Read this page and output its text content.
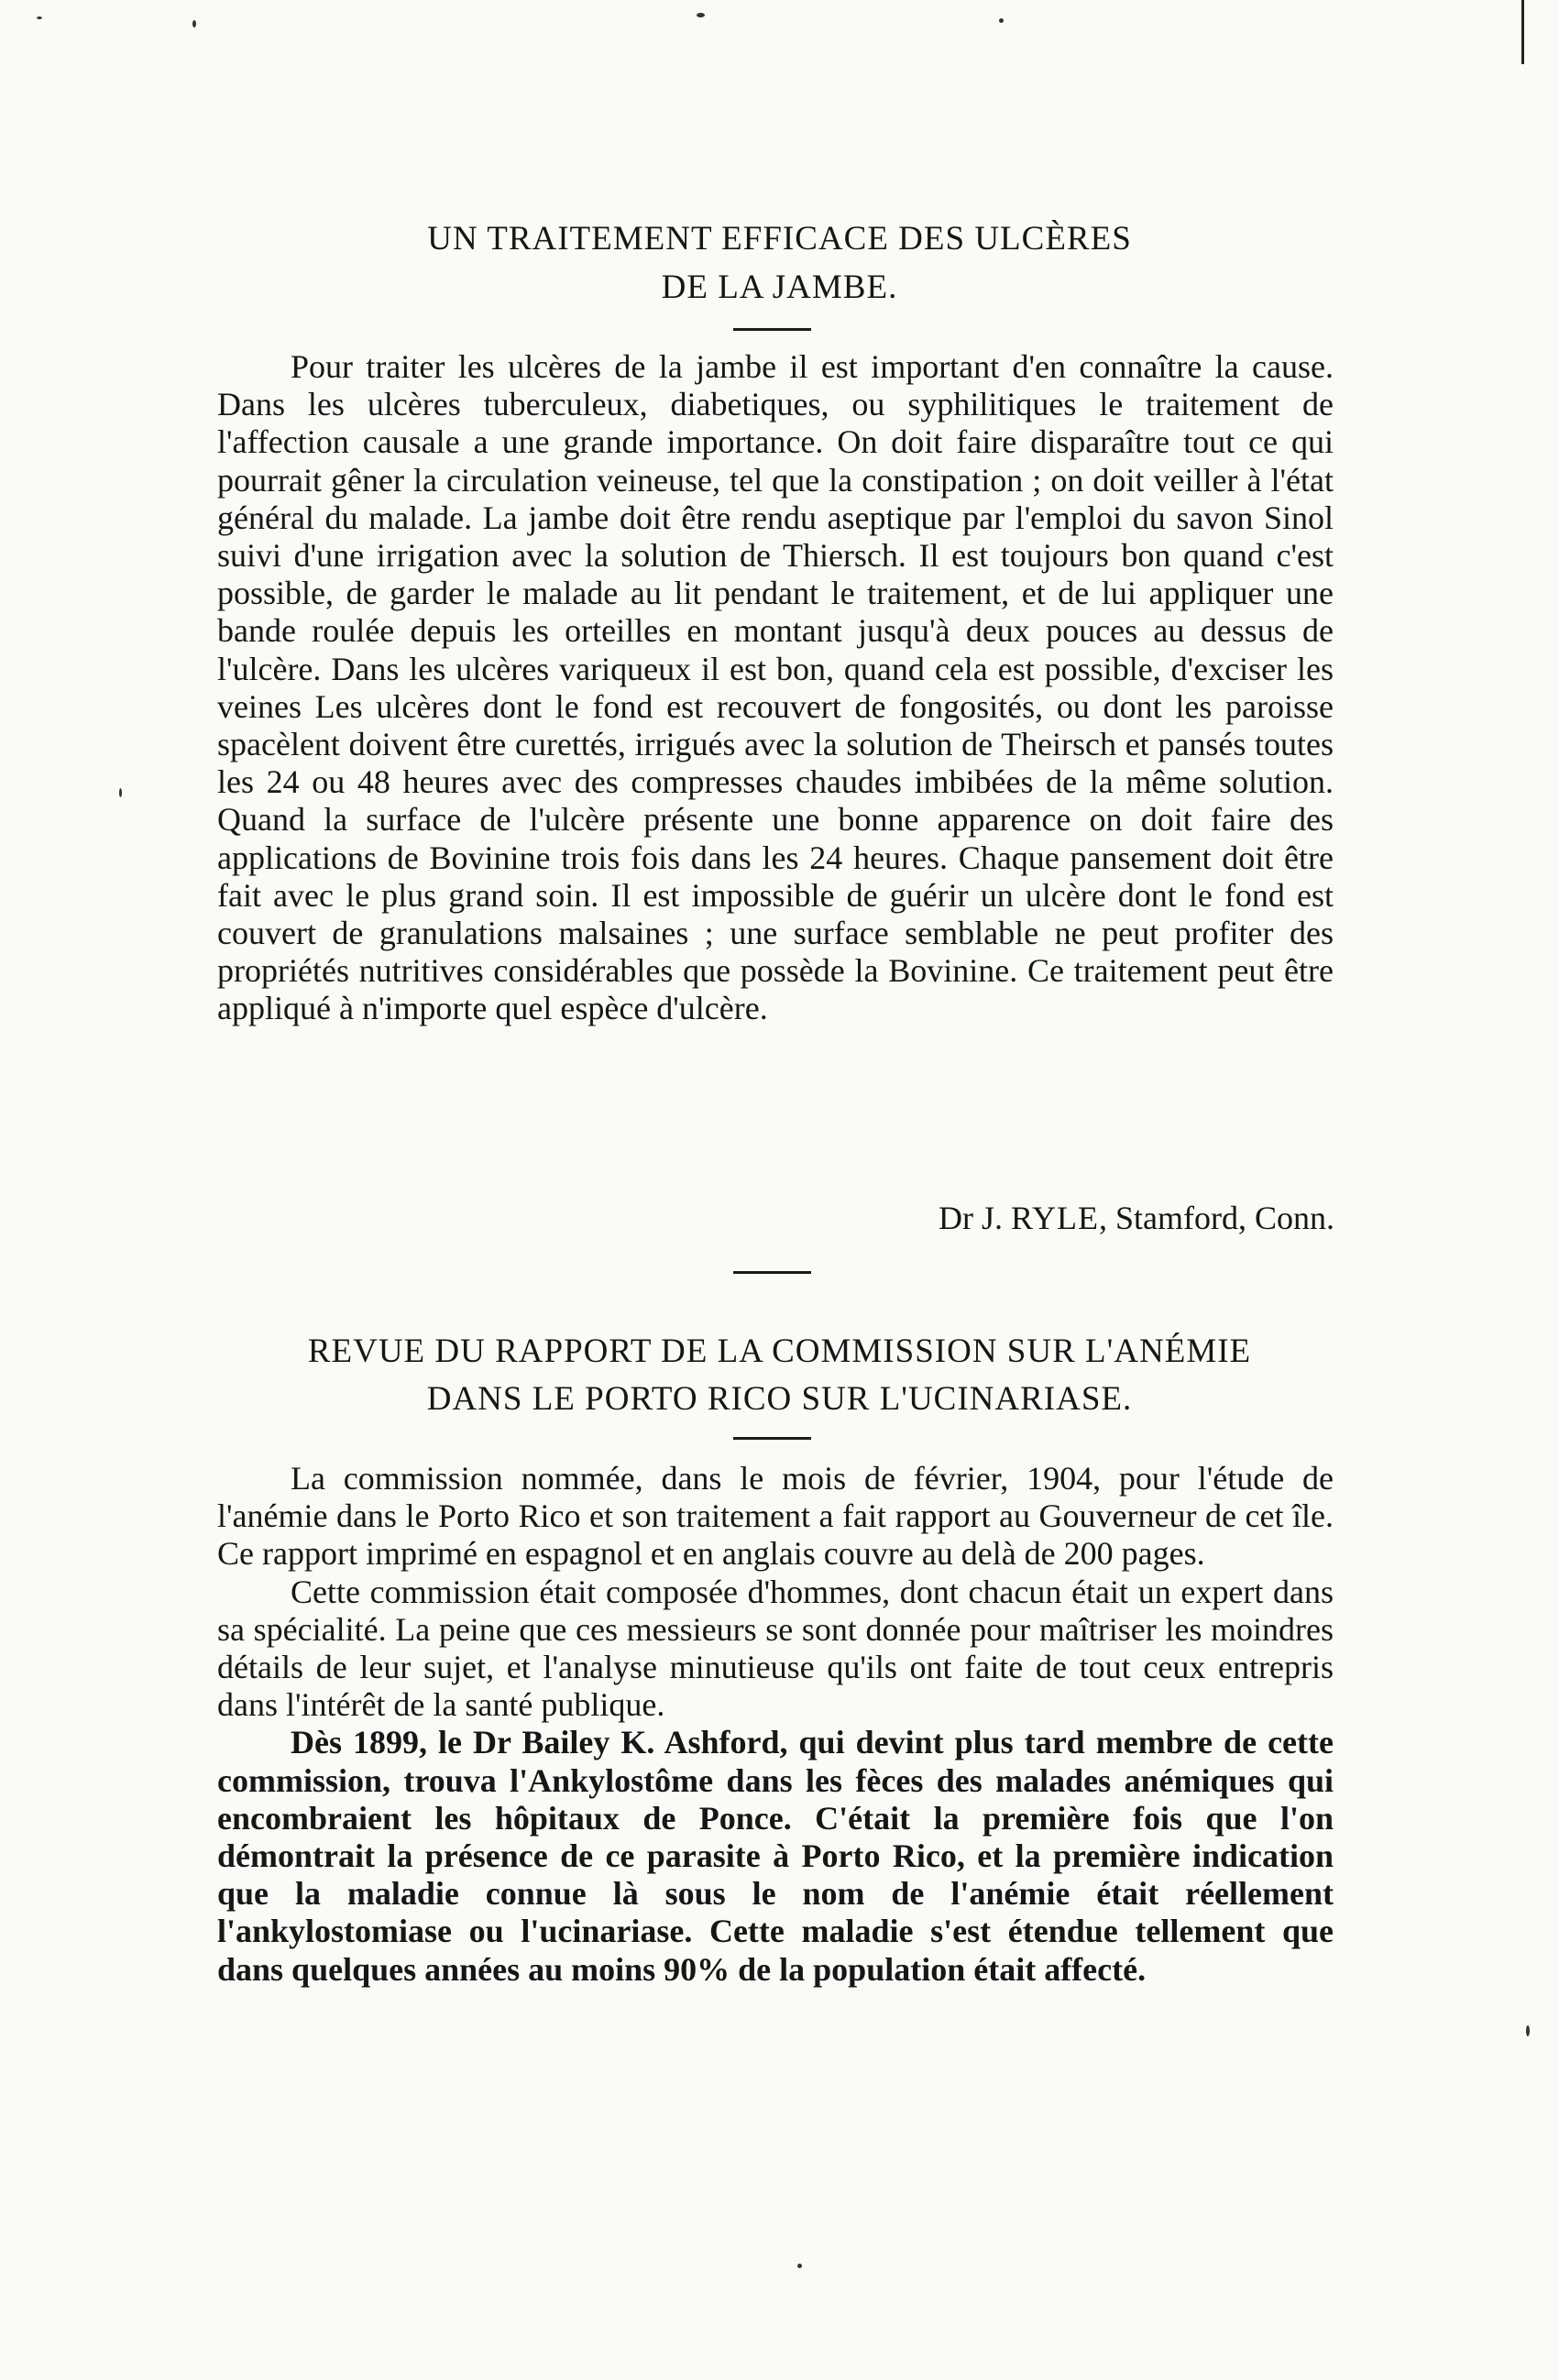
UN TRAITEMENT EFFICACE DES ULCÈRES
DE LA JAMBE.

Pour traiter les ulcères de la jambe il est important d'en connaître la cause. Dans les ulcères tuberculeux, diabetiques, ou syphilitiques le traitement de l'affection causale a une grande importance. On doit faire disparaître tout ce qui pourrait gêner la circulation veineuse, tel que la constipation ; on doit veiller à l'état général du malade. La jambe doit être rendu aseptique par l'emploi du savon Sinol suivi d'une irrigation avec la solution de Thiersch. Il est toujours bon quand c'est possible, de garder le malade au lit pendant le traitement, et de lui appliquer une bande roulée depuis les orteilles en montant jusqu'à deux pouces au dessus de l'ulcère. Dans les ulcères variqueux il est bon, quand cela est possible, d'exciser les veines Les ulcères dont le fond est recouvert de fongosités, ou dont les paroisse spacèlent doivent être curettés, irrigués avec la solution de Theirsch et pansés toutes les 24 ou 48 heures avec des compresses chaudes imbibées de la même solution. Quand la surface de l'ulcère présente une bonne apparence on doit faire des applications de Bovinine trois fois dans les 24 heures. Chaque pansement doit être fait avec le plus grand soin. Il est impossible de guérir un ulcère dont le fond est couvert de granulations malsaines ; une surface semblable ne peut profiter des propriétés nutritives considérables que possède la Bovinine. Ce traitement peut être appliqué à n'importe quel espèce d'ulcère.

Dr J. RYLE, Stamford, Conn.
REVUE DU RAPPORT DE LA COMMISSION SUR L'ANÉMIE
DANS LE PORTO RICO SUR L'UCINARIASE.

La commission nommée, dans le mois de février, 1904, pour l'étude de l'anémie dans le Porto Rico et son traitement a fait rapport au Gouverneur de cet île. Ce rapport imprimé en espagnol et en anglais couvre au delà de 200 pages.

Cette commission était composée d'hommes, dont chacun était un expert dans sa spécialité. La peine que ces messieurs se sont donnée pour maîtriser les moindres détails de leur sujet, et l'analyse minutieuse qu'ils ont faite de tout ceux entrepris dans l'intérêt de la santé publique.

Dès 1899, le Dr Bailey K. Ashford, qui devint plus tard membre de cette commission, trouva l'Ankylostôme dans les fèces des malades anémiques qui encombraient les hôpitaux de Ponce. C'était la première fois que l'on démontrait la présence de ce parasite à Porto Rico, et la première indication que la maladie connue là sous le nom de l'anémie était réellement l'ankylostomiase ou l'ucinariase. Cette maladie s'est étendue tellement que dans quelques années au moins 90% de la population était affecté.
